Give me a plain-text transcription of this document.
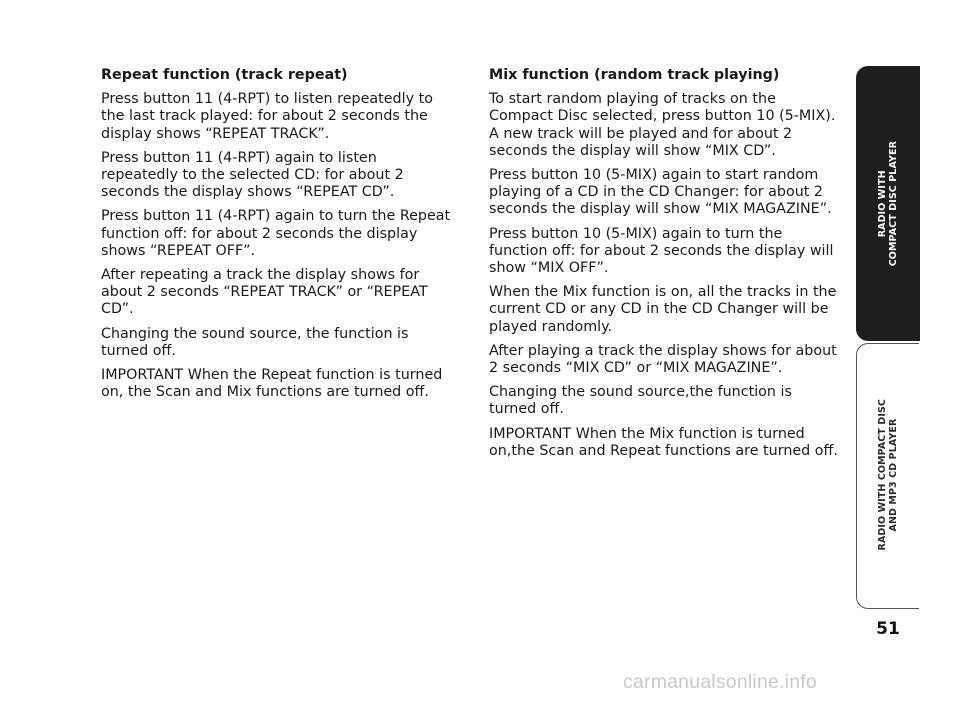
Repeat function (track repeat)

Press button 11 (4-RPT) to listen repeatedly to the last track played: for about 2 seconds the display shows “REPEAT TRACK”.

Press button 11 (4-RPT) again to listen repeatedly to the selected CD: for about 2 seconds the display shows “REPEAT CD”.

Press button 11 (4-RPT) again to turn the Repeat function off: for about 2 seconds the display shows “REPEAT OFF”.

After repeating a track the display shows for about 2 seconds “REPEAT TRACK” or “REPEAT CD”.

Changing the sound source, the function is turned off.

IMPORTANT When the Repeat function is turned on, the Scan and Mix functions are turned off.

Mix function (random track playing)

To start random playing of tracks on the Compact Disc selected, press button 10 (5-MIX). A new track will be played and for about 2 seconds the display will show “MIX CD”.

Press button 10 (5-MIX) again to start random playing of a CD in the CD Changer: for about 2 seconds the display will show “MIX MAGAZINE”.

Press button 10 (5-MIX) again to turn the function off: for about 2 seconds the display will show “MIX OFF”.

When the Mix function is on, all the tracks in the current CD or any CD in the CD Changer will be played randomly.

After playing a track the display shows for about 2 seconds “MIX CD” or “MIX MAGAZINE”.

Changing the sound source,the function is turned off.

IMPORTANT When the Mix function is turned on,the Scan and Repeat functions are turned off.

RADIO WITH COMPACT DISC PLAYER
RADIO WITH COMPACT DISC AND MP3 CD PLAYER
51
carmanualsonline.info
